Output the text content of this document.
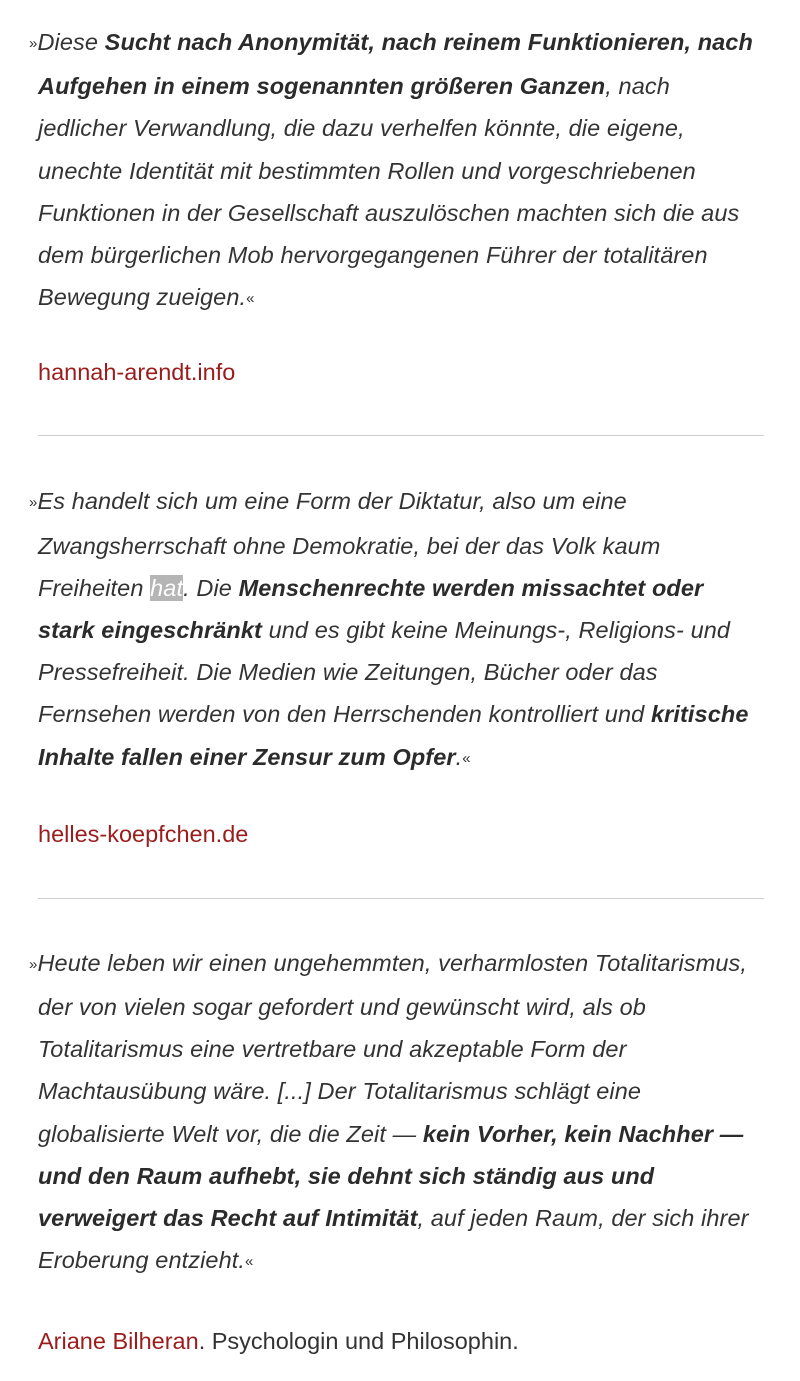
»Diese Sucht nach Anonymität, nach reinem Funktionieren, nach Aufgehen in einem sogenannten größeren Ganzen, nach jedlicher Verwandlung, die dazu verhelfen könnte, die eigene, unechte Identität mit bestimmten Rollen und vorgeschriebenen Funktionen in der Gesellschaft auszulöschen machten sich die aus dem bürgerlichen Mob hervorgegangenen Führer der totalitären Bewegung zueigen.«

hannah-arendt.info

»Es handelt sich um eine Form der Diktatur, also um eine Zwangsherrschaft ohne Demokratie, bei der das Volk kaum Freiheiten hat. Die Menschenrechte werden missachtet oder stark eingeschränkt und es gibt keine Meinungs-, Religions- und Pressefreiheit. Die Medien wie Zeitungen, Bücher oder das Fernsehen werden von den Herrschenden kontrolliert und kritische Inhalte fallen einer Zensur zum Opfer.«

helles-koepfchen.de

»Heute leben wir einen ungehemmten, verharmlosten Totalitarismus, der von vielen sogar gefordert und gewünscht wird, als ob Totalitarismus eine vertretbare und akzeptable Form der Machtausübung wäre. [...] Der Totalitarismus schlägt eine globalisierte Welt vor, die die Zeit — kein Vorher, kein Nachher — und den Raum aufhebt, sie dehnt sich ständig aus und verweigert das Recht auf Intimität, auf jeden Raum, der sich ihrer Eroberung entzieht.«

Ariane Bilheran. Psychologin und Philosophin.
